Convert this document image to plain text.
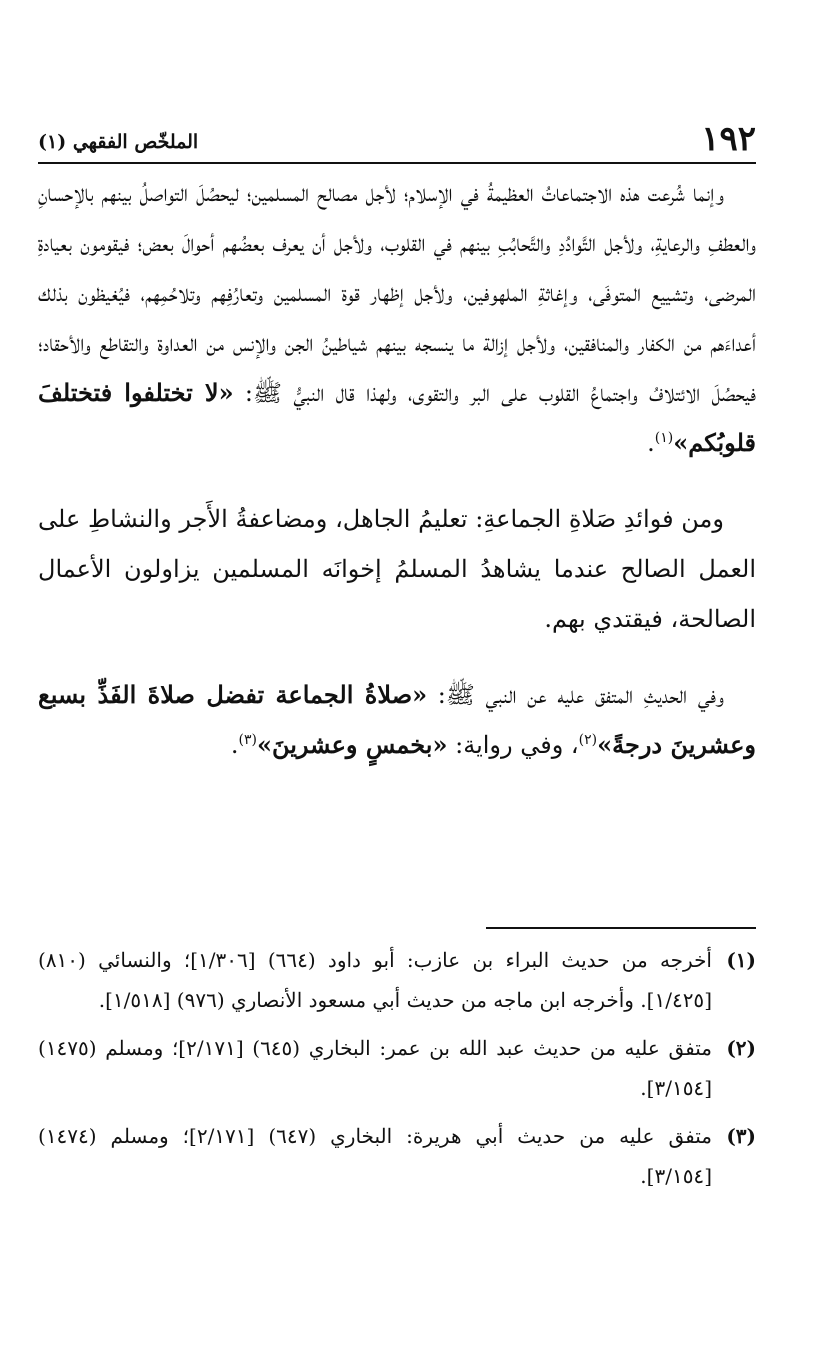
١٩٢
الملخّص الفقهي (١)

وإنما شُرعت هذه الاجتماعاتُ العظيمةُ في الإسلام؛ لأجل مصالح المسلمين؛ ليحصُلَ التواصلُ بينهم بالإحسانِ والعطفِ والرعايةِ، ولأجل التَّوادُدِ والتَّحابُبِ بينهم في القلوب، ولأجل أن يعرف بعضُهم أحوالَ بعض؛ فيقومون بعيادةِ المرضى، وتشييع المتوفَى، وإغاثةِ الملهوفين، ولأجل إظهار قوة المسلمين وتعارُفِهم وتلاحُمِهم، فيُغيظون بذلك أعداءَهم من الكفار والمنافقين، ولأجل إزالة ما ينسجه بينهم شياطينُ الجن والإنس من العداوة والتقاطع والأحقاد؛ فيحصُلَ الائتلافُ واجتماعُ القلوب على البر والتقوى، ولهذا قال النبيُّ ﷺ: «لا تختلفوا فتختلفَ قلوبُكم»$^{(١)}$.

ومن فوائدِ صَلاةِ الجماعةِ: تعليمُ الجاهل، ومضاعفةُ الأَجر والنشاطِ على العمل الصالح عندما يشاهدُ المسلمُ إخوانَه المسلمين يزاولون الأعمال الصالحة، فيقتدي بهم.

وفي الحديثِ المتفق عليه عن النبي ﷺ: «صلاةُ الجماعة تفضل صلاةَ الفَذِّ بسبع وعشرينَ درجةً»$^{(٢)}$، وفي رواية: «بخمسٍ وعشرينَ»$^{(٣)}$.

(١)
أخرجه من حديث البراء بن عازب: أبو داود (٦٦٤) [١/٣٠٦]؛ والنسائي (٨١٠) [١/٤٢٥]. وأخرجه ابن ماجه من حديث أبي مسعود الأنصاري (٩٧٦) [١/٥١٨].
(٢)
متفق عليه من حديث عبد الله بن عمر: البخاري (٦٤٥) [٢/١٧١]؛ ومسلم (١٤٧٥) [٣/١٥٤].
(٣)
متفق عليه من حديث أبي هريرة: البخاري (٦٤٧) [٢/١٧١]؛ ومسلم (١٤٧٤) [٣/١٥٤].
